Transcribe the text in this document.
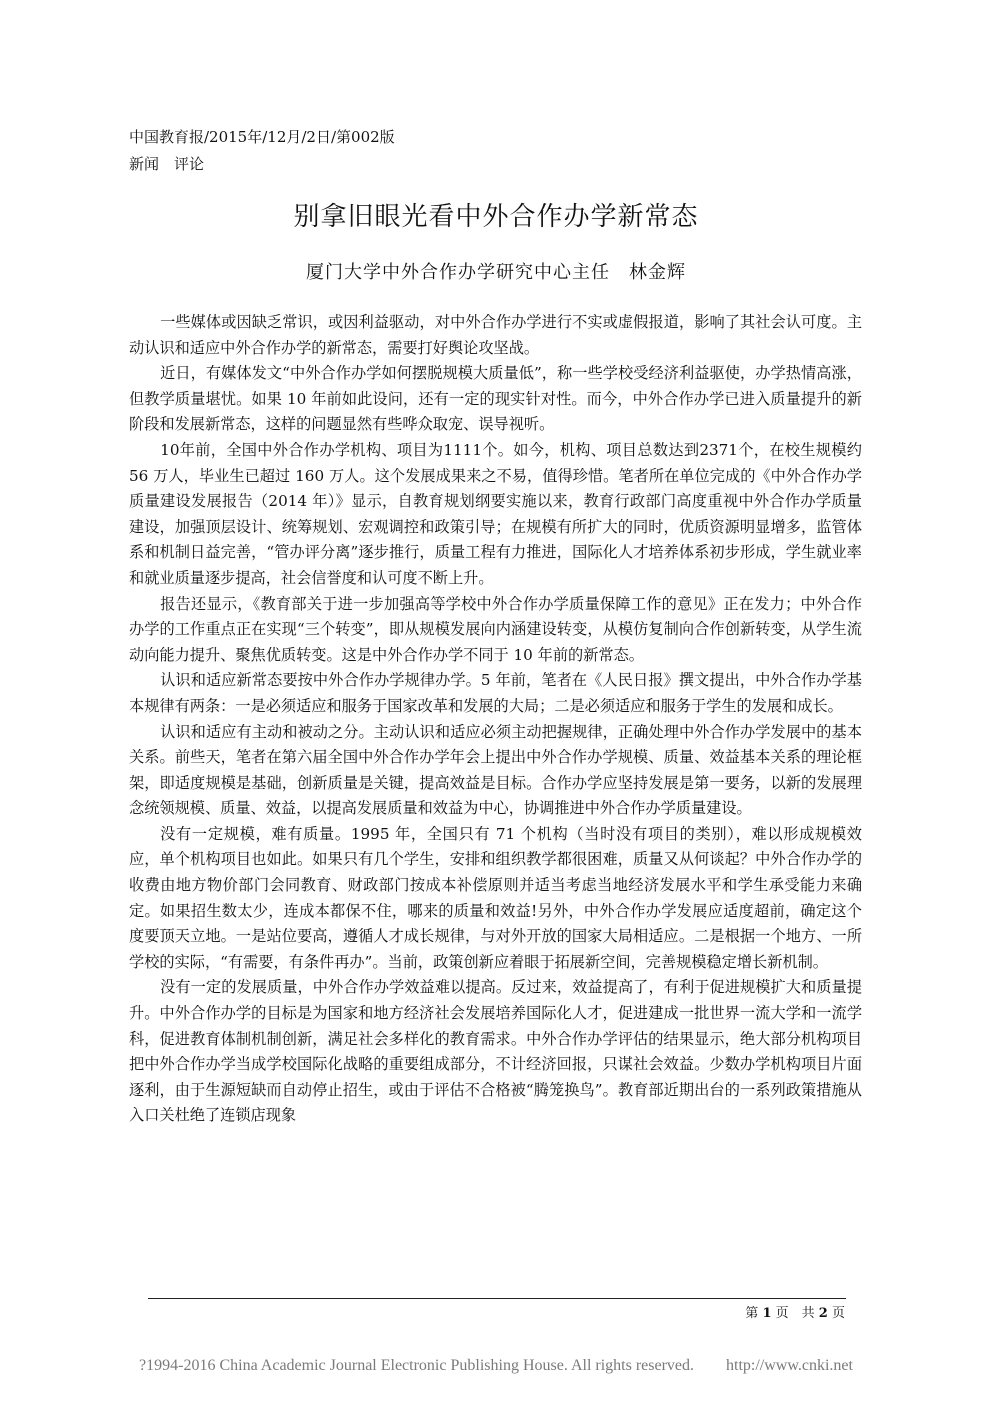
中国教育报/2015年/12月/2日/第002版
新闻　评论
别拿旧眼光看中外合作办学新常态
厦门大学中外合作办学研究中心主任　林金辉

一些媒体或因缺乏常识，或因利益驱动，对中外合作办学进行不实或虚假报道，影响了其社会认可度。主动认识和适应中外合作办学的新常态，需要打好舆论攻坚战。

近日，有媒体发文“中外合作办学如何摆脱规模大质量低”，称一些学校受经济利益驱使，办学热情高涨，但教学质量堪忧。如果 10 年前如此设问，还有一定的现实针对性。而今，中外合作办学已进入质量提升的新阶段和发展新常态，这样的问题显然有些哗众取宠、误导视听。

10年前，全国中外合作办学机构、项目为1111个。如今，机构、项目总数达到2371个，在校生规模约 56 万人，毕业生已超过 160 万人。这个发展成果来之不易，值得珍惜。笔者所在单位完成的《中外合作办学质量建设发展报告（2014 年）》显示，自教育规划纲要实施以来，教育行政部门高度重视中外合作办学质量建设，加强顶层设计、统筹规划、宏观调控和政策引导；在规模有所扩大的同时，优质资源明显增多，监管体系和机制日益完善，“管办评分离”逐步推行，质量工程有力推进，国际化人才培养体系初步形成，学生就业率和就业质量逐步提高，社会信誉度和认可度不断上升。

报告还显示，《教育部关于进一步加强高等学校中外合作办学质量保障工作的意见》正在发力；中外合作办学的工作重点正在实现“三个转变”，即从规模发展向内涵建设转变，从模仿复制向合作创新转变，从学生流动向能力提升、聚焦优质转变。这是中外合作办学不同于 10 年前的新常态。

认识和适应新常态要按中外合作办学规律办学。5 年前，笔者在《人民日报》撰文提出，中外合作办学基本规律有两条：一是必须适应和服务于国家改革和发展的大局；二是必须适应和服务于学生的发展和成长。

认识和适应有主动和被动之分。主动认识和适应必须主动把握规律，正确处理中外合作办学发展中的基本关系。前些天，笔者在第六届全国中外合作办学年会上提出中外合作办学规模、质量、效益基本关系的理论框架，即适度规模是基础，创新质量是关键，提高效益是目标。合作办学应坚持发展是第一要务，以新的发展理念统领规模、质量、效益，以提高发展质量和效益为中心，协调推进中外合作办学质量建设。

没有一定规模，难有质量。1995 年，全国只有 71 个机构（当时没有项目的类别），难以形成规模效应，单个机构项目也如此。如果只有几个学生，安排和组织教学都很困难，质量又从何谈起？中外合作办学的收费由地方物价部门会同教育、财政部门按成本补偿原则并适当考虑当地经济发展水平和学生承受能力来确定。如果招生数太少，连成本都保不住，哪来的质量和效益!另外，中外合作办学发展应适度超前，确定这个度要顶天立地。一是站位要高，遵循人才成长规律，与对外开放的国家大局相适应。二是根据一个地方、一所学校的实际，“有需要，有条件再办”。当前，政策创新应着眼于拓展新空间，完善规模稳定增长新机制。

没有一定的发展质量，中外合作办学效益难以提高。反过来，效益提高了，有利于促进规模扩大和质量提升。中外合作办学的目标是为国家和地方经济社会发展培养国际化人才，促进建成一批世界一流大学和一流学科，促进教育体制机制创新，满足社会多样化的教育需求。中外合作办学评估的结果显示，绝大部分机构项目把中外合作办学当成学校国际化战略的重要组成部分，不计经济回报，只谋社会效益。少数办学机构项目片面逐利，由于生源短缺而自动停止招生，或由于评估不合格被“腾笼换鸟”。教育部近期出台的一系列政策措施从入口关杜绝了连锁店现象

第 1 页　共 2 页
?1994-2016 China Academic Journal Electronic Publishing House. All rights reserved.　　http://www.cnki.net
